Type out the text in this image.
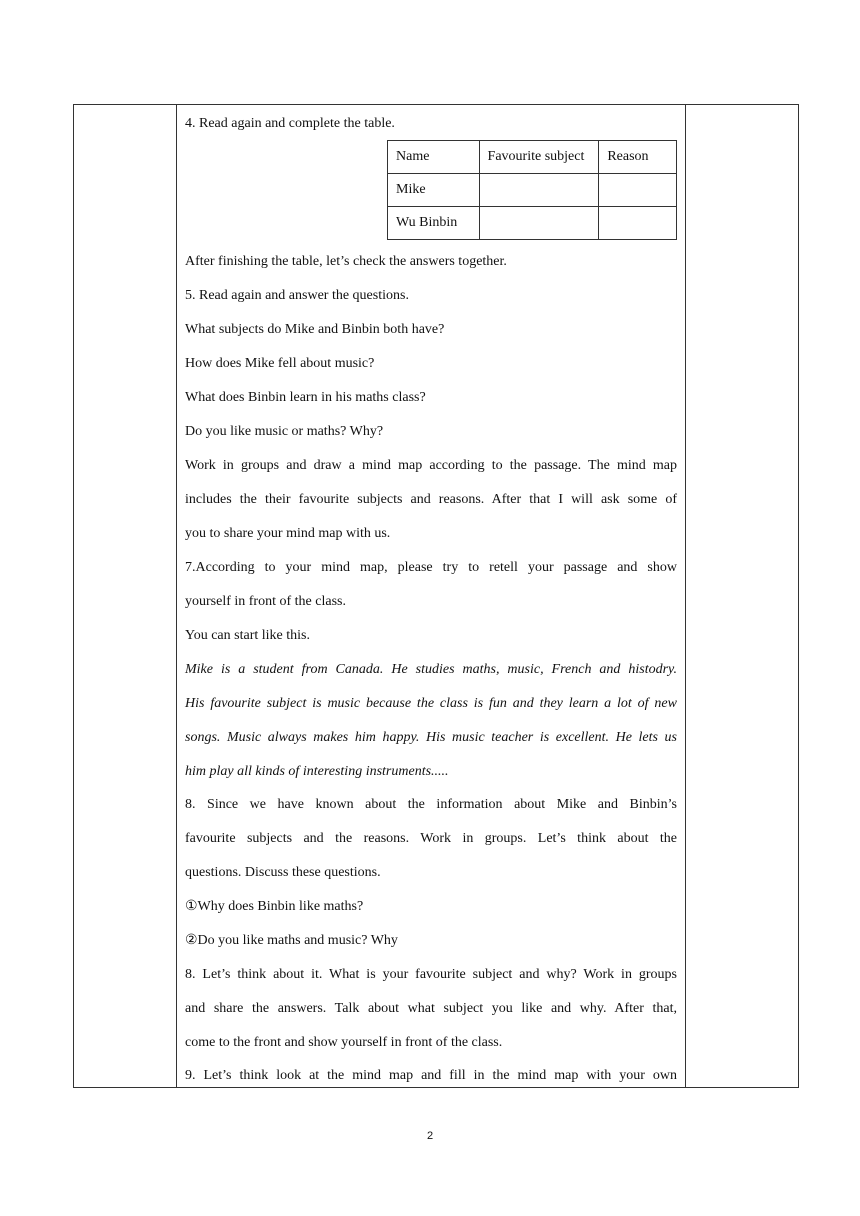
4. Read again and complete the table.
Name	Favourite subject	Reason
Mike		
Wu Binbin		
After finishing the table, let’s check the answers together.
5. Read again and answer the questions.
What subjects do Mike and Binbin both have?
How does Mike fell about music?
What does Binbin learn in his maths class?
Do you like music or maths? Why?
Work in groups and draw a mind map according to the passage. The mind map
includes the their favourite subjects and reasons. After that I will ask some of
you to share your mind map with us.
7.According to your mind map, please try to retell your passage and show
yourself in front of the class.
You can start like this.
Mike is a student from Canada. He studies maths, music, French and histodry.
His favourite subject is music because the class is fun and they learn a lot of new
songs. Music always makes him happy. His music teacher is excellent. He lets us
him play all kinds of interesting instruments.....
8. Since we have known about the information about Mike and Binbin’s
favourite subjects and the reasons. Work in groups. Let’s think about the
questions. Discuss these questions.
①Why does Binbin like maths?
②Do you like maths and music? Why
8. Let’s think about it. What is your favourite subject and why? Work in groups
and share the answers. Talk about what subject you like and why. After that,
come to the front and show yourself in front of the class.
9. Let’s think look at the mind map and fill in the mind map with your own
2
